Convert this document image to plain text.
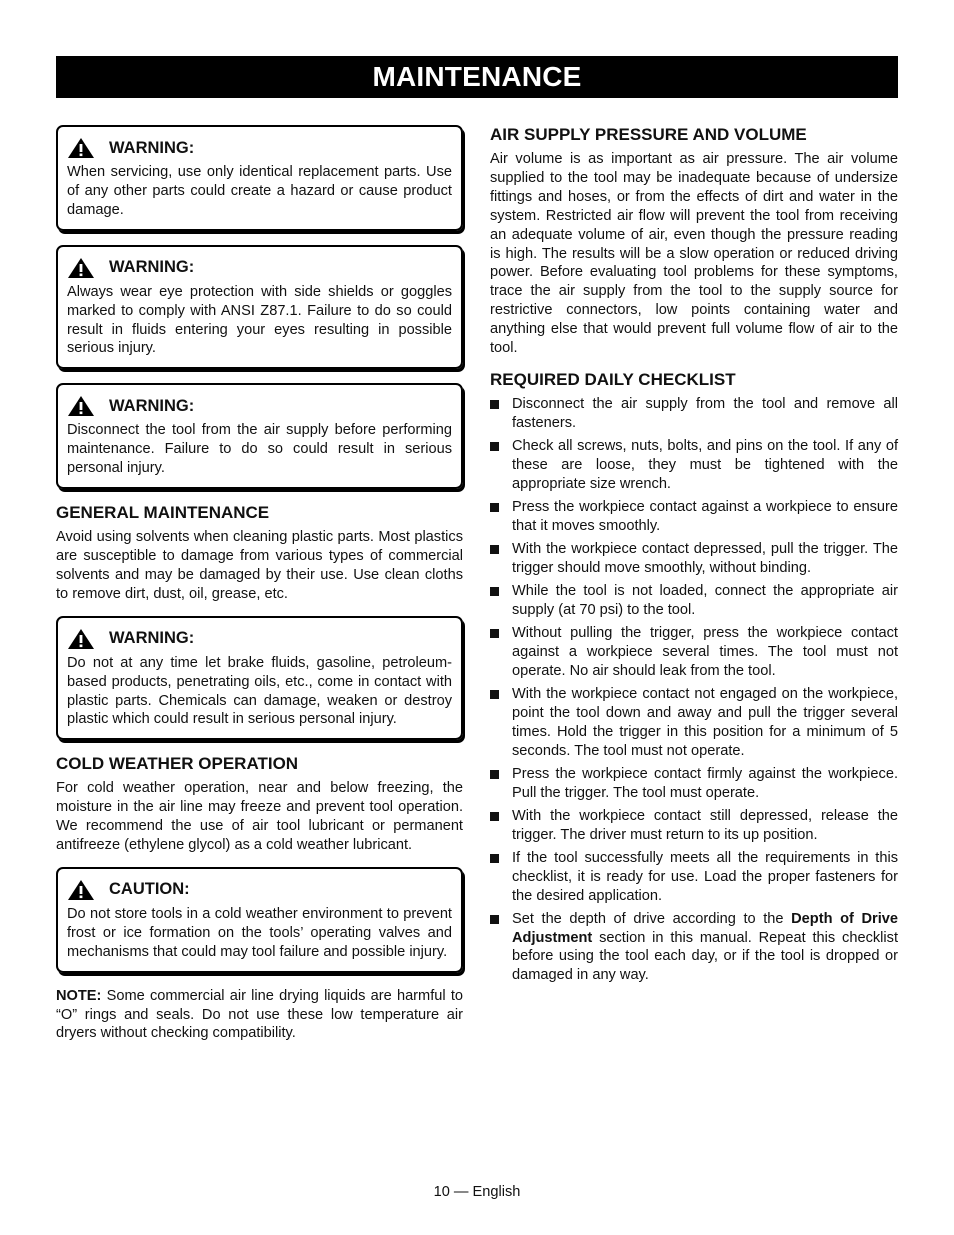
MAINTENANCE
WARNING:
When servicing, use only identical replacement parts. Use of any other parts could create a hazard or cause product damage.
WARNING:
Always wear eye protection with side shields or goggles marked to comply with ANSI Z87.1. Failure to do so could result in fluids entering your eyes resulting in possible serious injury.
WARNING:
Disconnect the tool from the air supply before performing maintenance. Failure to do so could result in serious personal injury.
GENERAL MAINTENANCE
Avoid using solvents when cleaning plastic parts. Most plastics are susceptible to damage from various types of commercial solvents and may be damaged by their use. Use clean cloths to remove dirt, dust, oil, grease, etc.
WARNING:
Do not at any time let brake fluids, gasoline, petroleum-based products, penetrating oils, etc., come in contact with plastic parts. Chemicals can damage, weaken or destroy plastic which could result in serious personal injury.
COLD WEATHER OPERATION
For cold weather operation, near and below freezing, the moisture in the air line may freeze and prevent tool operation. We recommend the use of air tool lubricant or permanent antifreeze (ethylene glycol) as a cold weather lubricant.
CAUTION:
Do not store tools in a cold weather environment to prevent frost or ice formation on the tools’ operating valves and mechanisms that could may tool failure and possible injury.
NOTE: Some commercial air line drying liquids are harmful to “O” rings and seals. Do not use these low temperature air dryers without checking compatibility.
AIR SUPPLY PRESSURE AND VOLUME
Air volume is as important as air pressure. The air volume supplied to the tool may be inadequate because of undersize fittings and hoses, or from the effects of dirt and water in the system. Restricted air flow will prevent the tool from receiving an adequate volume of air, even though the pressure reading is high. The results will be a slow operation or reduced driving power. Before evaluating tool problems for these symptoms, trace the air supply from the tool to the supply source for restrictive connectors, low points containing water and anything else that would prevent full volume flow of air to the tool.
REQUIRED DAILY CHECKLIST
Disconnect the air supply from the tool and remove all fasteners.
Check all screws, nuts, bolts, and pins on the tool. If any of these are loose, they must be tightened with the appropriate size wrench.
Press the workpiece contact against a workpiece to ensure that it moves smoothly.
With the workpiece contact depressed, pull the trigger. The trigger should move smoothly, without binding.
While the tool is not loaded, connect the appropriate air supply (at 70 psi) to the tool.
Without pulling the trigger, press the workpiece contact against a workpiece several times. The tool must not operate. No air should leak from the tool.
With the workpiece contact not engaged on the workpiece, point the tool down and away and pull the trigger several times. Hold the trigger in this position for a minimum of 5 seconds. The tool must not operate.
Press the workpiece contact firmly against the workpiece. Pull the trigger. The tool must operate.
With the workpiece contact still depressed, release the trigger. The driver must return to its up position.
If the tool successfully meets all the requirements in this checklist, it is ready for use. Load the proper fasteners for the desired application.
Set the depth of drive according to the Depth of Drive Adjustment section in this manual. Repeat this checklist before using the tool each day, or if the tool is dropped or damaged in any way.
10 — English
